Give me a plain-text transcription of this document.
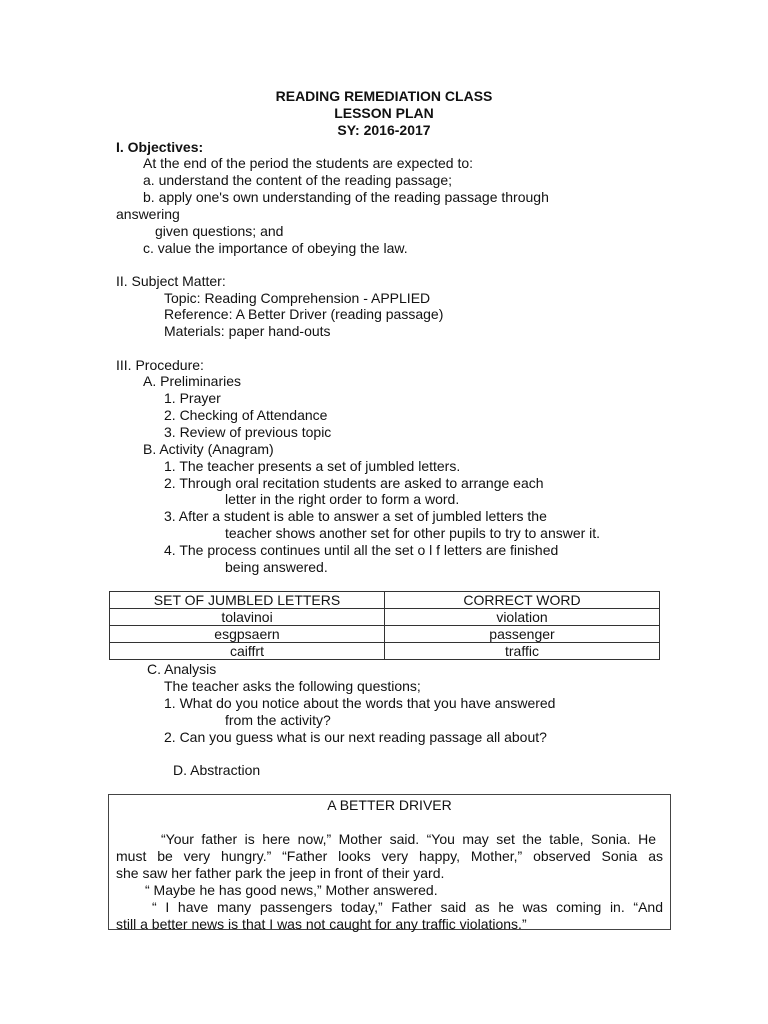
READING REMEDIATION CLASS
LESSON PLAN
SY: 2016-2017
I. Objectives:
At the end of the period the students are expected to:
a. understand the content of the reading passage;
b. apply one's own understanding of the reading passage through
answering
given questions; and
c. value the importance of obeying the law.
II. Subject Matter:
Topic: Reading Comprehension - APPLIED
Reference: A Better Driver (reading passage)
Materials: paper hand-outs
III. Procedure:
A. Preliminaries
1. Prayer
2. Checking of Attendance
3. Review of previous topic
B. Activity (Anagram)
1. The teacher presents a set of jumbled letters.
2. Through oral recitation students are asked to arrange each
letter in the right order to form a word.
3. After a student is able to answer a set of jumbled letters the
teacher shows another set for other pupils to try to answer it.
4. The process continues until all the set o l f letters are finished
being answered.
SET OF JUMBLED LETTERS	CORRECT WORD
tolavinoi	violation
esgpsaern	passenger
caiffrt	traffic
C. Analysis
The teacher asks the following questions;
1. What do you notice about the words that you have answered
from the activity?
2. Can you guess what is our next reading passage all about?
D. Abstraction
A BETTER DRIVER
“Your father is here now,” Mother said. “You may set the table, Sonia. He
must be very hungry.” “Father looks very happy, Mother,” observed Sonia as
she saw her father park the jeep in front of their yard.
“ Maybe he has good news,” Mother answered.
“ I have many passengers today,” Father said as he was coming in. “And
still a better news is that I was not caught for any traffic violations.”
